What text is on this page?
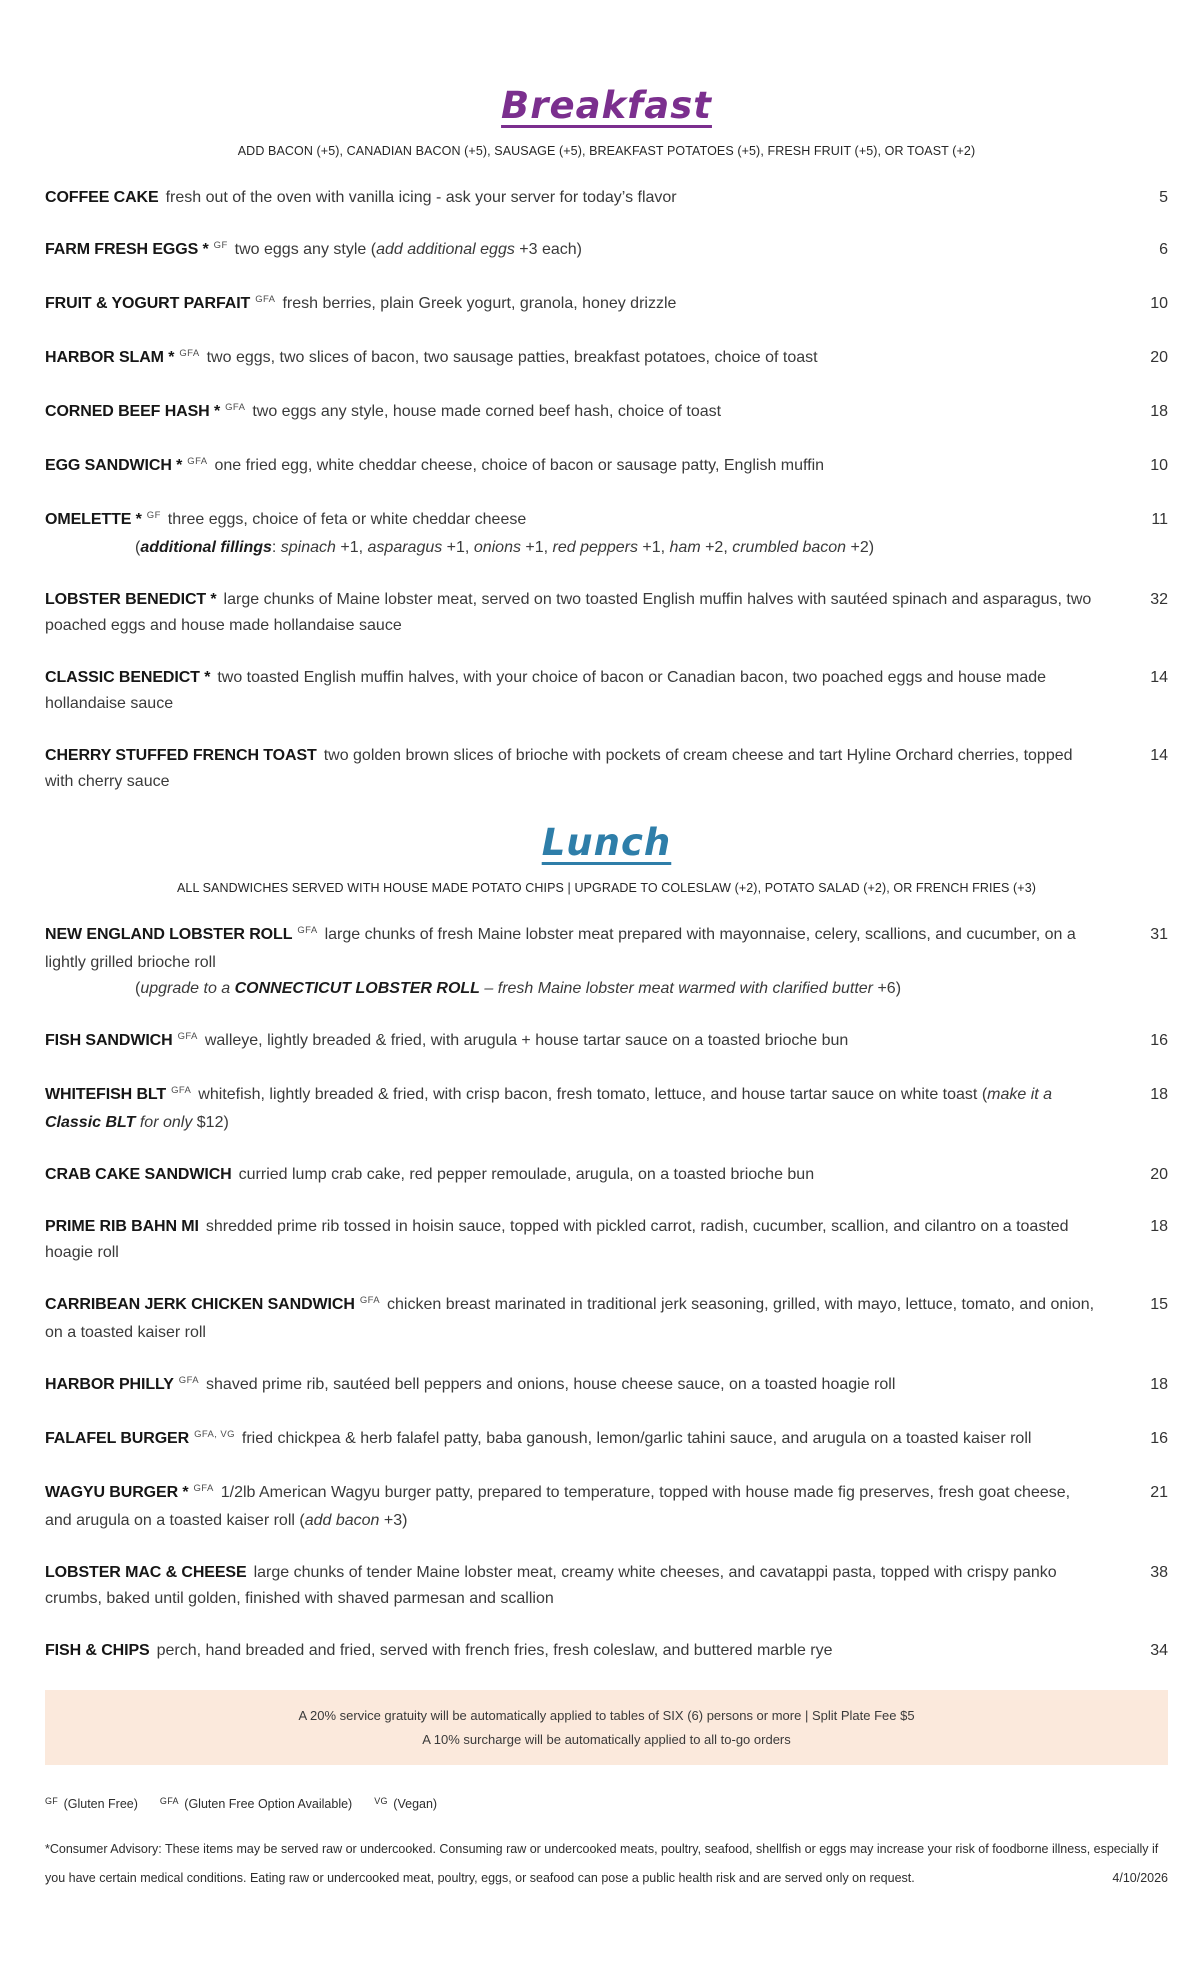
Breakfast

ADD BACON (+5), CANADIAN BACON (+5), SAUSAGE (+5), BREAKFAST POTATOES (+5), FRESH FRUIT (+5), OR TOAST (+2)

COFFEE CAKE fresh out of the oven with vanilla icing - ask your server for today’s flavor	5
FARM FRESH EGGS * $^{GF}$ two eggs any style (add additional eggs +3 each)	6
FRUIT & YOGURT PARFAIT $^{GFA}$ fresh berries, plain Greek yogurt, granola, honey drizzle	10
HARBOR SLAM * $^{GFA}$ two eggs, two slices of bacon, two sausage patties, breakfast potatoes, choice of toast	20
CORNED BEEF HASH * $^{GFA}$ two eggs any style, house made corned beef hash, choice of toast	18
EGG SANDWICH * $^{GFA}$ one fried egg, white cheddar cheese, choice of bacon or sausage patty, English muffin	10
OMELETTE * $^{GF}$ three eggs, choice of feta or white cheddar cheese
(additional fillings: spinach +1, asparagus +1, onions +1, red peppers +1, ham +2, crumbled bacon +2)
11
LOBSTER BENEDICT * large chunks of Maine lobster meat, served on two toasted English muffin halves with sautéed spinach and asparagus, two poached eggs and house made hollandaise sauce
32
CLASSIC BENEDICT * two toasted English muffin halves, with your choice of bacon or Canadian bacon, two poached eggs and house made hollandaise sauce
14
CHERRY STUFFED FRENCH TOAST two golden brown slices of brioche with pockets of cream cheese and tart Hyline Orchard cherries, topped with cherry sauce
14
Lunch

ALL SANDWICHES SERVED WITH HOUSE MADE POTATO CHIPS | UPGRADE TO COLESLAW (+2), POTATO SALAD (+2), OR FRENCH FRIES (+3)

NEW ENGLAND LOBSTER ROLL $^{GFA}$ large chunks of fresh Maine lobster meat prepared with mayonnaise, celery, scallions, and cucumber, on a lightly grilled brioche roll
(upgrade to a CONNECTICUT LOBSTER ROLL – fresh Maine lobster meat warmed with clarified butter +6)
31
FISH SANDWICH $^{GFA}$ walleye, lightly breaded & fried, with arugula + house tartar sauce on a toasted brioche bun	16
WHITEFISH BLT $^{GFA}$ whitefish, lightly breaded & fried, with crisp bacon, fresh tomato, lettuce, and house tartar sauce on white toast (make it a Classic BLT for only $12)
18
CRAB CAKE SANDWICH curried lump crab cake, red pepper remoulade, arugula, on a toasted brioche bun	20
PRIME RIB BAHN MI shredded prime rib tossed in hoisin sauce, topped with pickled carrot, radish, cucumber, scallion, and cilantro on a toasted hoagie roll
18
CARRIBEAN JERK CHICKEN SANDWICH $^{GFA}$ chicken breast marinated in traditional jerk seasoning, grilled, with mayo, lettuce, tomato, and onion, on a toasted kaiser roll
15
HARBOR PHILLY $^{GFA}$ shaved prime rib, sautéed bell peppers and onions, house cheese sauce, on a toasted hoagie roll	18
FALAFEL BURGER $^{GFA, VG}$ fried chickpea & herb falafel patty, baba ganoush, lemon/garlic tahini sauce, and arugula on a toasted kaiser roll	16
WAGYU BURGER * $^{GFA}$ 1/2lb American Wagyu burger patty, prepared to temperature, topped with house made fig preserves, fresh goat cheese, and arugula on a toasted kaiser roll (add bacon +3)
21
LOBSTER MAC & CHEESE large chunks of tender Maine lobster meat, creamy white cheeses, and cavatappi pasta, topped with crispy panko crumbs, baked until golden, finished with shaved parmesan and scallion
38
FISH & CHIPS perch, hand breaded and fried, served with french fries, fresh coleslaw, and buttered marble rye	34

A 20% service gratuity will be automatically applied to tables of SIX (6) persons or more | Split Plate Fee $5

A 10% surcharge will be automatically applied to all to-go orders

$^{GF}$ (Gluten Free) $^{GFA}$ (Gluten Free Option Available) $^{VG}$ (Vegan)

*Consumer Advisory: These items may be served raw or undercooked. Consuming raw or undercooked meats, poultry, seafood, shellfish or eggs may increase your risk of foodborne illness, especially if you have certain medical conditions. Eating raw or undercooked meat, poultry, eggs, or seafood can pose a public health risk and are served only on request.	4/10/2026
